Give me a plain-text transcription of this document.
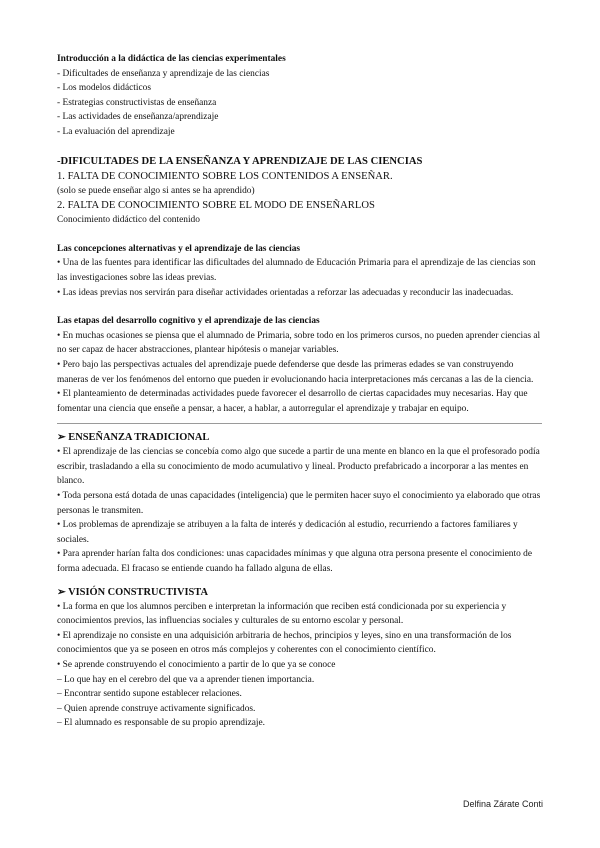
Introducción a la didáctica de las ciencias experimentales
- Dificultades de enseñanza y aprendizaje de las ciencias
- Los modelos didácticos
- Estrategias constructivistas de enseñanza
- Las actividades de enseñanza/aprendizaje
- La evaluación del aprendizaje
-DIFICULTADES DE LA ENSEÑANZA Y APRENDIZAJE DE LAS CIENCIAS
1. FALTA DE CONOCIMIENTO SOBRE LOS CONTENIDOS A ENSEÑAR.
(solo se puede enseñar algo si antes se ha aprendido)
2. FALTA DE CONOCIMIENTO SOBRE EL MODO DE ENSEÑARLOS
Conocimiento didáctico del contenido
Las concepciones alternativas y el aprendizaje de las ciencias
• Una de las fuentes para identificar las dificultades del alumnado de Educación Primaria para el aprendizaje de las ciencias son las investigaciones sobre las ideas previas.
• Las ideas previas nos servirán para diseñar actividades orientadas a reforzar las adecuadas y reconducir las inadecuadas.
Las etapas del desarrollo cognitivo y el aprendizaje de las ciencias
• En muchas ocasiones se piensa que el alumnado de Primaria, sobre todo en los primeros cursos, no pueden aprender ciencias al no ser capaz de hacer abstracciones, plantear hipótesis o manejar variables.
• Pero bajo las perspectivas actuales del aprendizaje puede defenderse que desde las primeras edades se van construyendo maneras de ver los fenómenos del entorno que pueden ir evolucionando hacia interpretaciones más cercanas a las de la ciencia.
• El planteamiento de determinadas actividades puede favorecer el desarrollo de ciertas capacidades muy necesarias. Hay que fomentar una ciencia que enseñe a pensar, a hacer, a hablar, a autorregular el aprendizaje y trabajar en equipo.
➢ ENSEÑANZA TRADICIONAL
• El aprendizaje de las ciencias se concebía como algo que sucede a partir de una mente en blanco en la que el profesorado podía escribir, trasladando a ella su conocimiento de modo acumulativo y lineal. Producto prefabricado a incorporar a las mentes en blanco.
• Toda persona está dotada de unas capacidades (inteligencia) que le permiten hacer suyo el conocimiento ya elaborado que otras personas le transmiten.
• Los problemas de aprendizaje se atribuyen a la falta de interés y dedicación al estudio, recurriendo a factores familiares y sociales.
• Para aprender harían falta dos condiciones: unas capacidades mínimas y que alguna otra persona presente el conocimiento de forma adecuada. El fracaso se entiende cuando ha fallado alguna de ellas.
➢ VISIÓN CONSTRUCTIVISTA
• La forma en que los alumnos perciben e interpretan la información que reciben está condicionada por su experiencia y conocimientos previos, las influencias sociales y culturales de su entorno escolar y personal.
• El aprendizaje no consiste en una adquisición arbitraria de hechos, principios y leyes, sino en una transformación de los conocimientos que ya se poseen en otros más complejos y coherentes con el conocimiento científico.
• Se aprende construyendo el conocimiento a partir de lo que ya se conoce
– Lo que hay en el cerebro del que va a aprender tienen importancia.
– Encontrar sentido supone establecer relaciones.
– Quien aprende construye activamente significados.
– El alumnado es responsable de su propio aprendizaje.
Delfina Zárate Conti
